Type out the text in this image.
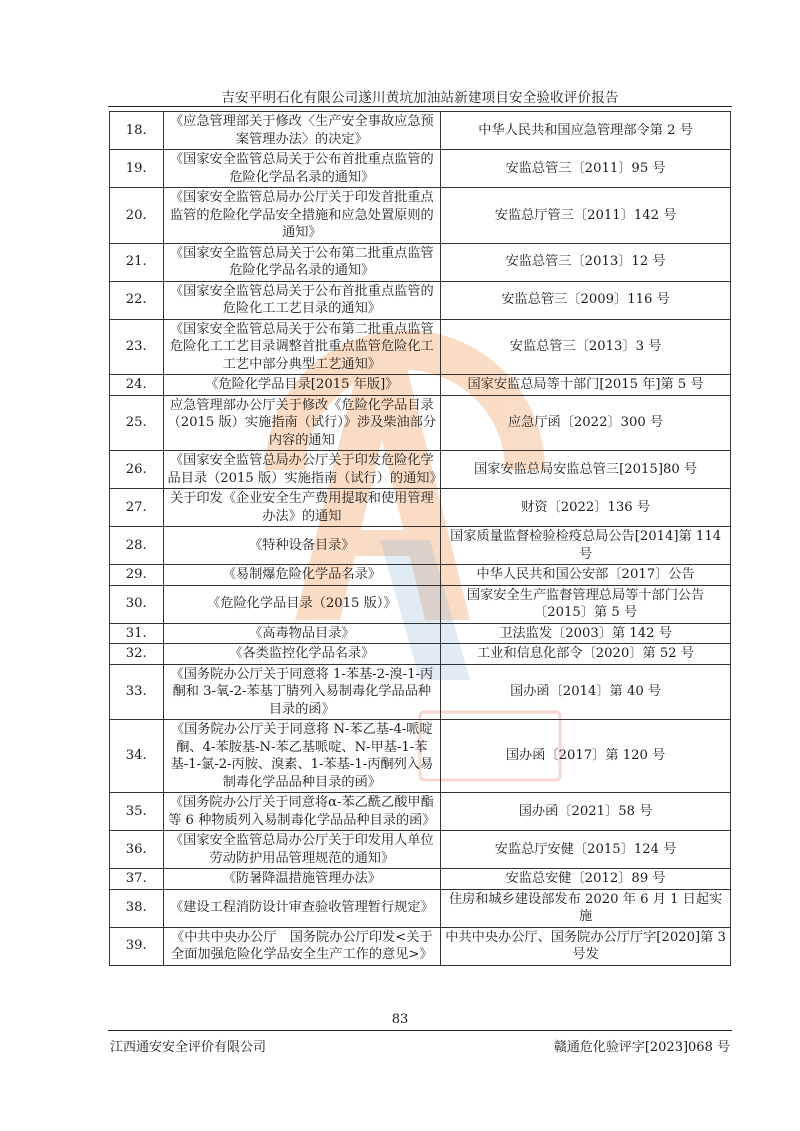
吉安平明石化有限公司遂川黄坑加油站新建项目安全验收评价报告
18.	《应急管理部关于修改〈生产安全事故应急预案管理办法〉的决定》	中华人民共和国应急管理部令第 2 号
19.	《国家安全监管总局关于公布首批重点监管的危险化学品名录的通知》	安监总管三〔2011〕95 号
20.	《国家安全监管总局办公厅关于印发首批重点监管的危险化学品安全措施和应急处置原则的通知》	安监总厅管三〔2011〕142 号
21.	《国家安全监管总局关于公布第二批重点监管危险化学品名录的通知》	安监总管三〔2013〕12 号
22.	《国家安全监管总局关于公布首批重点监管的危险化工工艺目录的通知》	安监总管三〔2009〕116 号
23.	《国家安全监管总局关于公布第二批重点监管危险化工工艺目录调整首批重点监管危险化工工艺中部分典型工艺通知》	安监总管三〔2013〕3 号
24.	《危险化学品目录[2015 年版]》	国家安监总局等十部门[2015 年]第 5 号
25.	应急管理部办公厅关于修改《危险化学品目录（2015 版）实施指南（试行）》涉及柴油部分内容的通知	应急厅函〔2022〕300 号
26.	《国家安全监管总局办公厅关于印发危险化学品目录（2015 版）实施指南（试行）的通知》	国家安监总局安监总管三[2015]80 号
27.	关于印发《企业安全生产费用提取和使用管理办法》的通知	财资〔2022〕136 号
28.	《特种设备目录》	国家质量监督检验检疫总局公告[2014]第 114 号
29.	《易制爆危险化学品名录》	中华人民共和国公安部〔2017〕公告
30.	《危险化学品目录（2015 版）》	国家安全生产监督管理总局等十部门公告〔2015〕第 5 号
31.	《高毒物品目录》	卫法监发〔2003〕第 142 号
32.	《各类监控化学品名录》	工业和信息化部令〔2020〕第 52 号
33.	《国务院办公厅关于同意将 1-苯基-2-溴-1-丙酮和 3-氧-2-苯基丁腈列入易制毒化学品品种目录的函》	国办函〔2014〕第 40 号
34.	《国务院办公厅关于同意将 N-苯乙基-4-哌啶酮、4-苯胺基-N-苯乙基哌啶、N-甲基-1-苯基-1-氯-2-丙胺、溴素、1-苯基-1-丙酮列入易制毒化学品品种目录的函》	国办函〔2017〕第 120 号
35.	《国务院办公厅关于同意将α-苯乙酰乙酸甲酯等 6 种物质列入易制毒化学品品种目录的函》	国办函〔2021〕58 号
36.	《国家安全监管总局办公厅关于印发用人单位劳动防护用品管理规范的通知》	安监总厅安健〔2015〕124 号
37.	《防暑降温措施管理办法》	安监总安健〔2012〕89 号
38.	《建设工程消防设计审查验收管理暂行规定》	住房和城乡建设部发布 2020 年 6 月 1 日起实施
39.	《中共中央办公厅　国务院办公厅印发<关于全面加强危险化学品安全生产工作的意见>》	中共中央办公厅、国务院办公厅厅字[2020]第 3 号发
83
江西通安安全评价有限公司	赣通危化验评字[2023]068 号
